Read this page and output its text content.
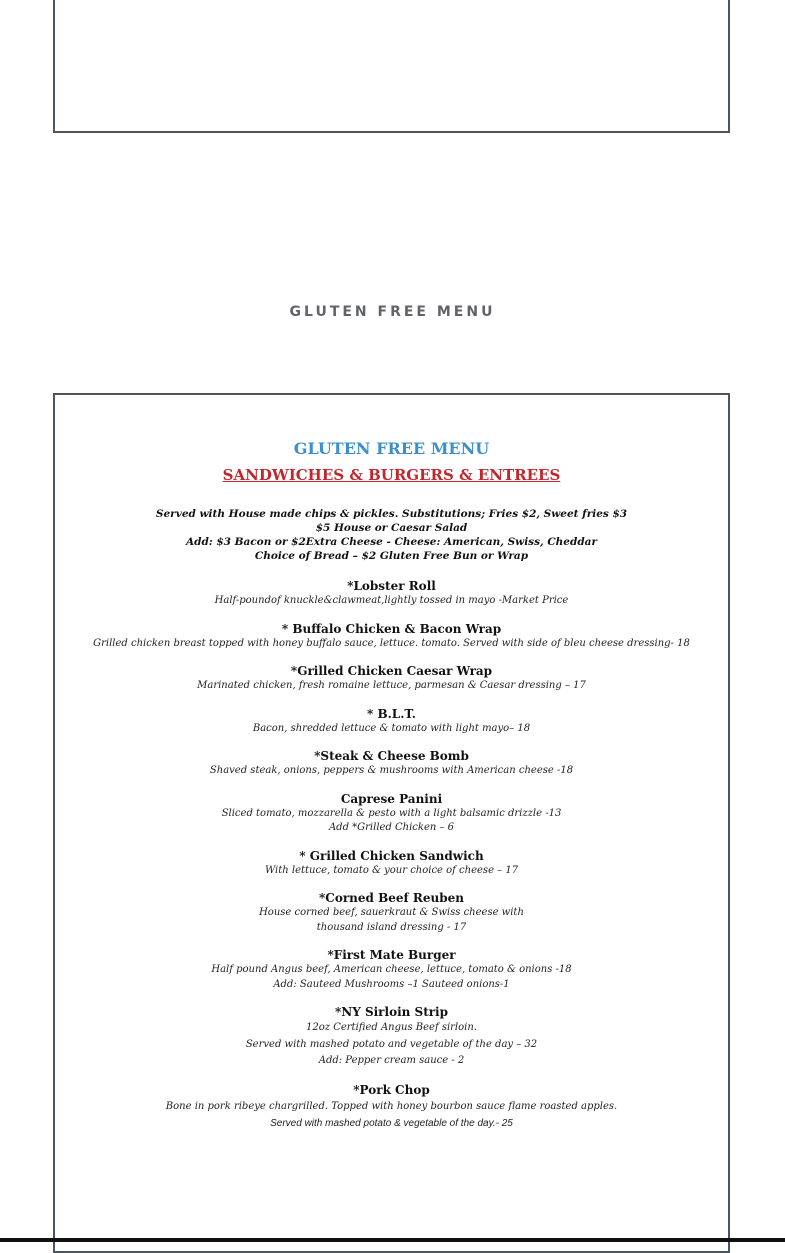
GLUTEN FREE MENU
GLUTEN FREE MENU
SANDWICHES & BURGERS & ENTREES
Served with House made chips & pickles. Substitutions; Fries $2, Sweet fries $3
$5 House or Caesar Salad
Add: $3 Bacon or $2Extra Cheese - Cheese: American, Swiss, Cheddar
Choice of Bread – $2 Gluten Free Bun or Wrap
*Lobster Roll
Half-poundof knuckle&clawmeat,lightly tossed in mayo -Market Price
* Buffalo Chicken & Bacon Wrap
Grilled chicken breast topped with honey buffalo sauce, lettuce. tomato. Served with side of bleu cheese dressing- 18
*Grilled Chicken Caesar Wrap
Marinated chicken, fresh romaine lettuce, parmesan & Caesar dressing – 17
* B.L.T.
Bacon, shredded lettuce & tomato with light mayo– 18
*Steak & Cheese Bomb
Shaved steak, onions, peppers & mushrooms with American cheese -18
Caprese Panini
Sliced tomato, mozzarella & pesto with a light balsamic drizzle -13
Add *Grilled Chicken – 6
* Grilled Chicken Sandwich
With lettuce, tomato & your choice of cheese – 17
*Corned Beef Reuben
House corned beef, sauerkraut & Swiss cheese with
thousand island dressing - 17
*First Mate Burger
Half pound Angus beef, American cheese, lettuce, tomato & onions -18
Add: Sauteed Mushrooms –1 Sauteed onions-1
*NY Sirloin Strip
12oz Certified Angus Beef sirloin.
Served with mashed potato and vegetable of the day – 32
Add: Pepper cream sauce - 2
*Pork Chop
Bone in pork ribeye chargrilled. Topped with honey bourbon sauce flame roasted apples.
Served with mashed potato & vegetable of the day.- 25
